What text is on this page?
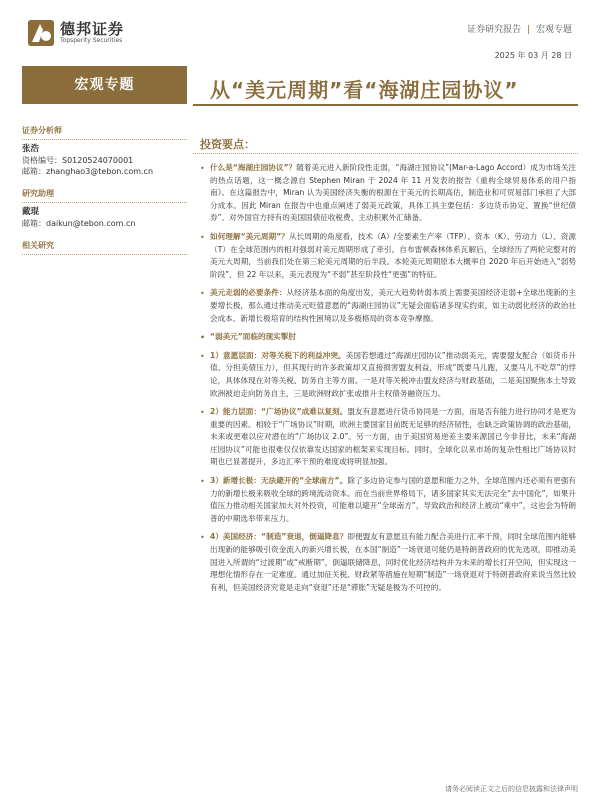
德邦证券
Topsperity Securities
证券研究报告 | 宏观专题
2025 年 03 月 28 日
宏观专题	从“美元周期”看“海湖庄园协议”
证券分析师
张浩
资格编号：S0120524070001
邮箱：zhanghao3@tebon.com.cn
研究助理
戴琨
邮箱：daikun@tebon.com.cn
相关研究
投资要点：
• 什么是“海湖庄园协议”？随着美元进入新阶段性走弱，“海湖庄园协议”(Mar-a-Lago Accord）成为市场关注的热点话题，这一概念源自 Stephen Miran 于 2024 年 11 月发表的报告《重构全球贸易体系的用户指南》。在这篇报告中，Miran 认为美国经济失衡的根源在于美元的长期高估，制造业和可贸易部门承担了大部分成本。因此 Miran 在报告中也重点阐述了弱美元政策，具体工具主要包括：多边货币协定、置换“世纪债券”、对外国官方持有的美国国债征收税费、主动积累外汇储备。
• 如何理解“美元周期”？从长周期的角度看，技术（A）/全要素生产率（TFP）、资本（K）、劳动力（L）、资源（T）在全球范围内的相对强弱对美元周期形成了牵引。自布雷顿森林体系瓦解后，全球经历了两轮完整对的美元大周期，当前我们处在第三轮美元周期的后半段。本轮美元周期原本大概率自 2020 年后开始进入“弱势阶段”，但 22 年以来，美元表现为“不弱”甚至阶段性“更强”的特征。
• 美元走弱的必要条件：从经济基本面的角度出发，美元大趋势转弱本质上需要美国经济走弱+全球出现新的主要增长极，那么通过推动美元贬值意愿的“海湖庄园协议”无疑会面临诸多现实约束，如主动弱化经济的政治社会成本、新增长极培育的结构性困境以及多极格局的资本竞争摩擦。
• “弱美元”面临的现实掣肘
• 1）意愿层面：对等关税下的利益冲突。美国若想通过“海湖庄园协议”推动弱美元，需要盟友配合（如货币升值、分担美债压力），但其现行的许多政策却又直接损害盟友利益，形成“既要马儿跑，又要马儿不吃草”的悖论，具体体现在对等关税、防务自主等方面。一是对等关税冲击盟友经济与财政基础，二是美国聚焦本土导致欧洲被迫走向防务自主，三是欧洲财政扩张或推升主权债务融资压力。
• 2）能力层面：“广场协议”成难以复刻。盟友有意愿进行货币协同是一方面，而是否有能力进行协同才是更为重要的因素。相较于“广场协议”时期，欧洲主要国家目前既无足够的经济韧性，也缺乏政策协调的政治基础，未来或更难以应对潜在的“广场协议 2.0”。另一方面，由于美国贸易逆差主要来源国已今非昔比，未来“海湖庄园协议”可能也很难仅仅依靠发达国家的框架来实现目标。同时，全球化以来市场的复杂性相比广场协议时期也已显著提升，多边汇率干预的难度或将明显加强。
• 3）新增长极：无法避开的“全球南方”。除了多边协定参与国的意愿和能力之外，全球范围内还必须有更强有力的新增长极来吸收全球的跨境流动资本。而在当前世界格局下，诸多国家其实无法完全“去中国化”，如果升值压力推动相关国家加大对外投资，可能难以避开“全球南方”，导致政治和经济上被动“乘中”，这也会为特朗普的中期选举带来压力。
• 4）美国经济：“制造”衰退，倒逼降息？即便盟友有意愿且有能力配合美进行汇率干预，同时全球范围内能够出现新的能够吸引资金流入的新兴增长极，在本国“制造”一场衰退可能仍是特朗普政府的优先选项，即推动美国进入所谓的“过渡期”或“戒断期”，倒逼联储降息，同时优化经济结构并为未来的增长打开空间，但实现这一理想化情形存在一定难度。通过加征关税、财政紧等措施在短期“制造”一场衰退对于特朗普政府来说当然比较有利，但美国经济究竟是走向“衰退”还是“滞胀”无疑是极为不可控的。
请务必阅读正文之后的信息披露和法律声明
